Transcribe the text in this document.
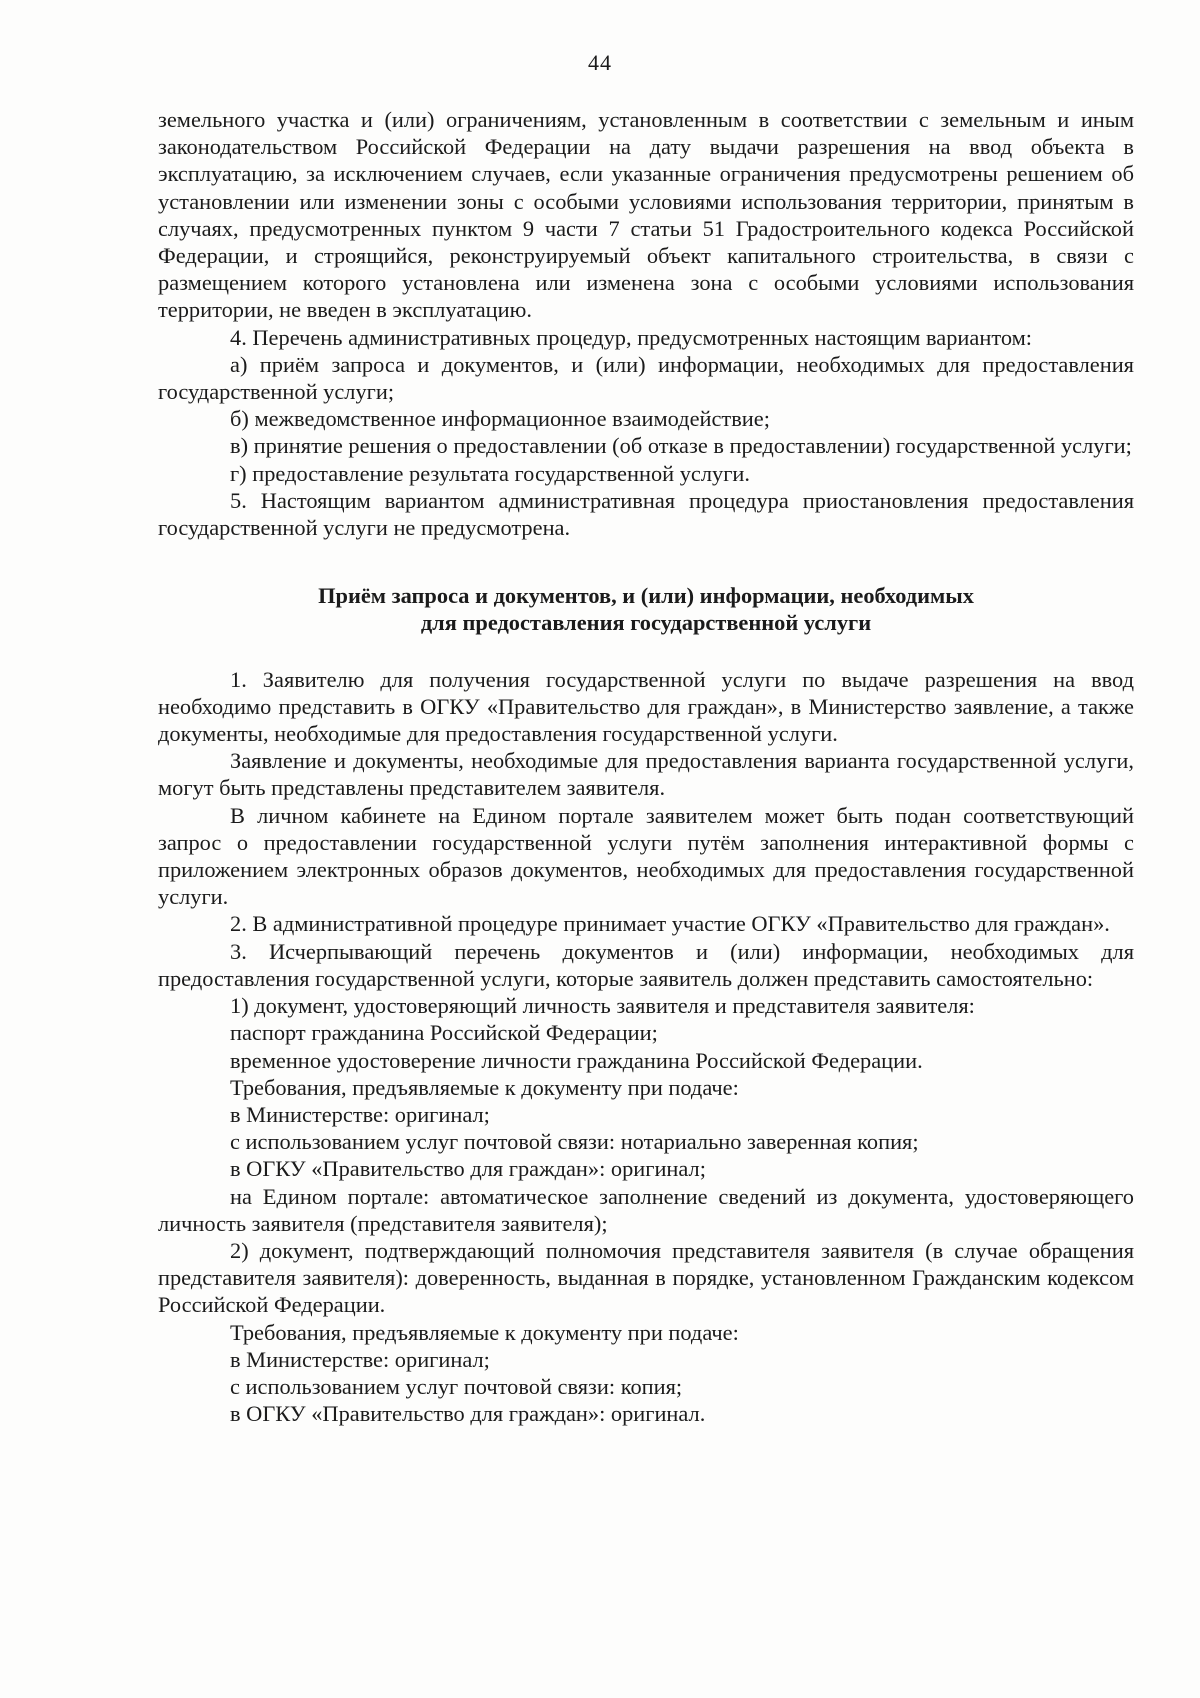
44

земельного участка и (или) ограничениям, установленным в соответствии с земельным и иным законодательством Российской Федерации на дату выдачи разрешения на ввод объекта в эксплуатацию, за исключением случаев, если указанные ограничения предусмотрены решением об установлении или изменении зоны с особыми условиями использования территории, принятым в случаях, предусмотренных пунктом 9 части 7 статьи 51 Градостроительного кодекса Российской Федерации, и строящийся, реконструируемый объект капитального строительства, в связи с размещением которого установлена или изменена зона с особыми условиями использования территории, не введен в эксплуатацию.

4. Перечень административных процедур, предусмотренных настоящим вариантом:

а) приём запроса и документов, и (или) информации, необходимых для предоставления государственной услуги;

б) межведомственное информационное взаимодействие;

в) принятие решения о предоставлении (об отказе в предоставлении) государственной услуги;

г) предоставление результата государственной услуги.

5. Настоящим вариантом административная процедура приостановления предоставления государственной услуги не предусмотрена.

Приём запроса и документов, и (или) информации, необходимых
для предоставления государственной услуги

1. Заявителю для получения государственной услуги по выдаче разрешения на ввод необходимо представить в ОГКУ «Правительство для граждан», в Министерство заявление, а также документы, необходимые для предоставления государственной услуги.

Заявление и документы, необходимые для предоставления варианта государственной услуги, могут быть представлены представителем заявителя.

В личном кабинете на Едином портале заявителем может быть подан соответствующий запрос о предоставлении государственной услуги путём заполнения интерактивной формы с приложением электронных образов документов, необходимых для предоставления государственной услуги.

2. В административной процедуре принимает участие ОГКУ «Правительство для граждан».

3. Исчерпывающий перечень документов и (или) информации, необходимых для предоставления государственной услуги, которые заявитель должен представить самостоятельно:

1) документ, удостоверяющий личность заявителя и представителя заявителя:

паспорт гражданина Российской Федерации;

временное удостоверение личности гражданина Российской Федерации.

Требования, предъявляемые к документу при подаче:

в Министерстве: оригинал;

с использованием услуг почтовой связи: нотариально заверенная копия;

в ОГКУ «Правительство для граждан»: оригинал;

на Едином портале: автоматическое заполнение сведений из документа, удостоверяющего личность заявителя (представителя заявителя);

2) документ, подтверждающий полномочия представителя заявителя (в случае обращения представителя заявителя): доверенность, выданная в порядке, установленном Гражданским кодексом Российской Федерации.

Требования, предъявляемые к документу при подаче:

в Министерстве: оригинал;

с использованием услуг почтовой связи: копия;

в ОГКУ «Правительство для граждан»: оригинал.
